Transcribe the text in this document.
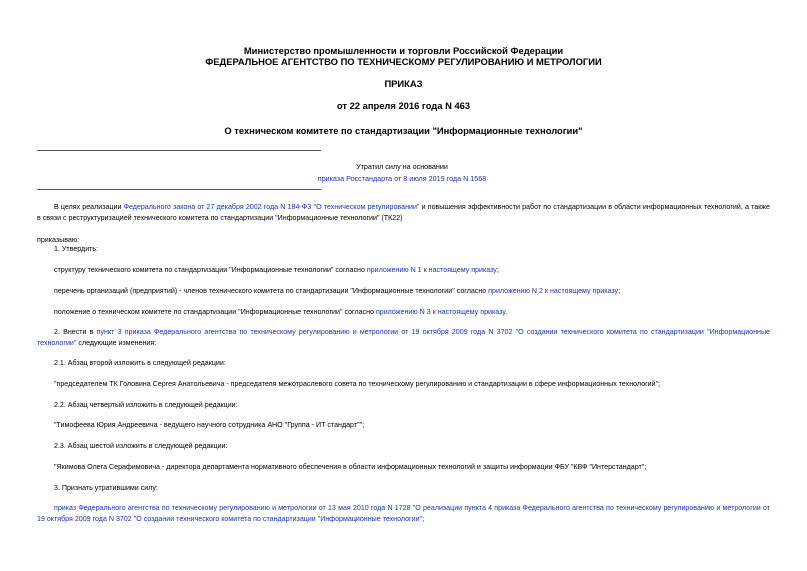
Министерство промышленности и торговли Российской Федерации
ФЕДЕРАЛЬНОЕ АГЕНТСТВО ПО ТЕХНИЧЕСКОМУ РЕГУЛИРОВАНИЮ И МЕТРОЛОГИИ
ПРИКАЗ
от 22 апреля 2016 года N 463
О техническом комитете по стандартизации "Информационные технологии"
Утратил силу на основании
приказа Росстандарта от 8 июля 2019 года N 1568
В целях реализации Федерального закона от 27 декабря 2002 года N 184-ФЗ "О техническом регулировании" и повышения эффективности работ по стандартизации в области информационных технологий, а также в связи с реструктуризацией технического комитета по стандартизации "Информационные технологии" (ТК22)
приказываю:
1. Утвердить:
структуру технического комитета по стандартизации "Информационные технологии" согласно приложению N 1 к настоящему приказу;
перечень организаций (предприятий) - членов технического комитета по стандартизации "Информационные технологии" согласно приложению N 2 к настоящему приказу;
положение о техническом комитете по стандартизации "Информационные технологии" согласно приложению N 3 к настоящему приказу.
2. Внести в пункт 3 приказа Федерального агентства по техническому регулированию и метрологии от 19 октября 2009 года N 3702 "О создании технического комитета по стандартизации "Информационные технологии" следующие изменения:
2.1. Абзац второй изложить в следующей редакции:
"председателем ТК Головина Сергея Анатольевича - председателя межотраслевого совета по техническому регулированию и стандартизации в сфере информационных технологий";
2.2. Абзац четвертый изложить в следующей редакции:
"Тимофеева Юрия Андреевича - ведущего научного сотрудника АНО "Группа - ИТ стандарт"";
2.3. Абзац шестой изложить в следующей редакции:
"Якимова Олега Серафимовича - директора департамента нормативного обеспечения в области информационных технологий и защиты информации ФБУ "КВФ "Интерстандарт";
3. Признать утратившими силу:
приказ Федерального агентства по техническому регулированию и метрологии от 13 мая 2010 года N 1728 "О реализации пункта 4 приказа Федерального агентства по техническому регулированию и метрологии от 19 октября 2009 года N 3702 "О создании технического комитета по стандартизации "Информационные технологии";
